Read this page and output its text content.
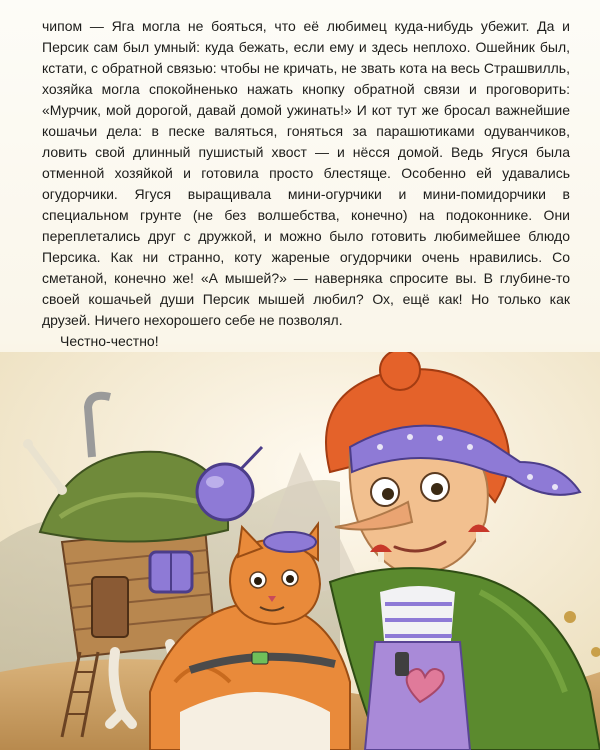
чипом — Яга могла не бояться, что её любимец куда-нибудь убежит. Да и Персик сам был умный: куда бежать, если ему и здесь неплохо. Ошейник был, кстати, с обратной связью: чтобы не кричать, не звать кота на весь Страшвилль, хозяйка могла спокойненько нажать кнопку обратной связи и проговорить: «Мурчик, мой дорогой, давай домой ужинать!» И кот тут же бросал важнейшие кошачьи дела: в песке валяться, гоняться за парашютиками одуванчиков, ловить свой длинный пушистый хвост — и нёсся домой. Ведь Ягуся была отменной хозяйкой и готовила просто блестяще. Особенно ей удавались огудорчики. Ягуся выращивала мини-огурчики и мини-помидорчики в специальном грунте (не без волшебства, конечно) на подоконнике. Они переплетались друг с дружкой, и можно было готовить любимейшее блюдо Персика. Как ни странно, коту жареные огудорчики очень нравились. Со сметаной, конечно же! «А мышей?» — наверняка спросите вы. В глубине-то своей кошачьей души Персик мышей любил? Ох, ещё как! Но только как друзей. Ничего нехорошего себе не позволял.

Честно-честно!
